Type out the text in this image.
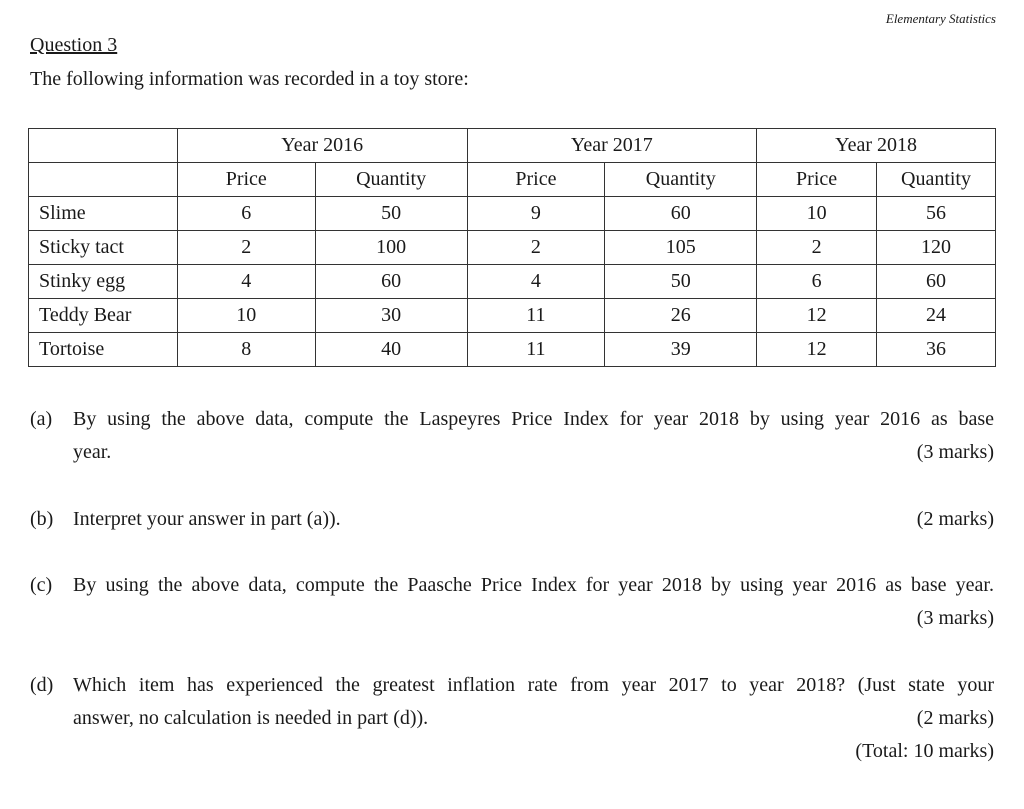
Elementary Statistics
Question 3
The following information was recorded in a toy store:
	Year 2016		Year 2017		Year 2018	
	Price	Quantity	Price	Quantity	Price	Quantity
Slime	6	50	9	60	10	56
Sticky tact	2	100	2	105	2	120
Stinky egg	4	60	4	50	6	60
Teddy Bear	10	30	11	26	12	24
Tortoise	8	40	11	39	12	36
(a) By using the above data, compute the Laspeyres Price Index for year 2018 by using year 2016 as base
year.	(3 marks)
(b) Interpret your answer in part (a)).	(2 marks)
(c) By using the above data, compute the Paasche Price Index for year 2018 by using year 2016 as base year.
(3 marks)
(d) Which item has experienced the greatest inflation rate from year 2017 to year 2018? (Just state your
answer, no calculation is needed in part (d)).	(2 marks)
(Total: 10 marks)
